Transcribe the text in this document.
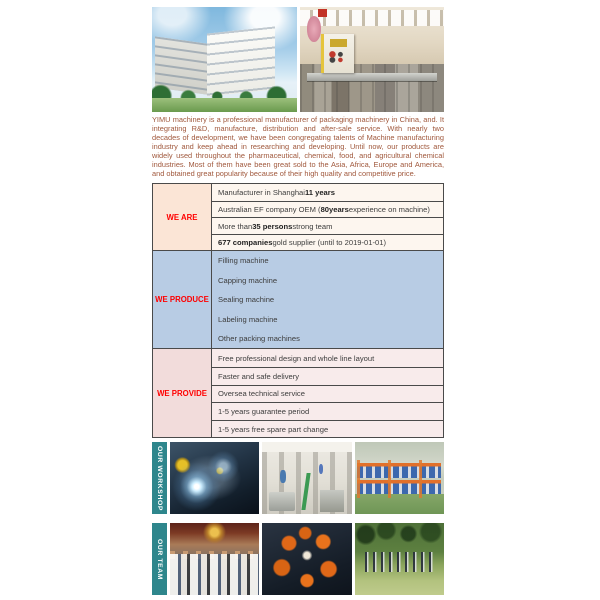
YIMU machinery is a professional manufacturer of packaging machinery in China, and. It integrating R&D, manufacture, distribution and after-sale service. With nearly two decades of development, we have been congregating talents of Machine manufacturing industry and keep ahead in researching and developing. Until now, our products are widely used throughout the pharmaceutical, chemical, food, and agricultural chemical industries. Most of them have been great sold to the Asia, Africa, Europe and America, and obtained great popularity because of their high quality and competitive price.

WE ARE
Manufacturer in Shanghai 11 years
Australian EF company OEM ( 80years experience on machine)
More than 35 persons strong team
677 companies gold supplier (until to 2019-01-01)
WE PRODUCE
Filling machine
Capping machine
Sealing machine
Labeling machine
Other packing machines
WE PROVIDE
Free professional design and whole line layout
Faster and safe delivery
Oversea technical service
1-5 years guarantee period
1-5 years free spare part change
OUR WORKSHOP
OUR TEAM
